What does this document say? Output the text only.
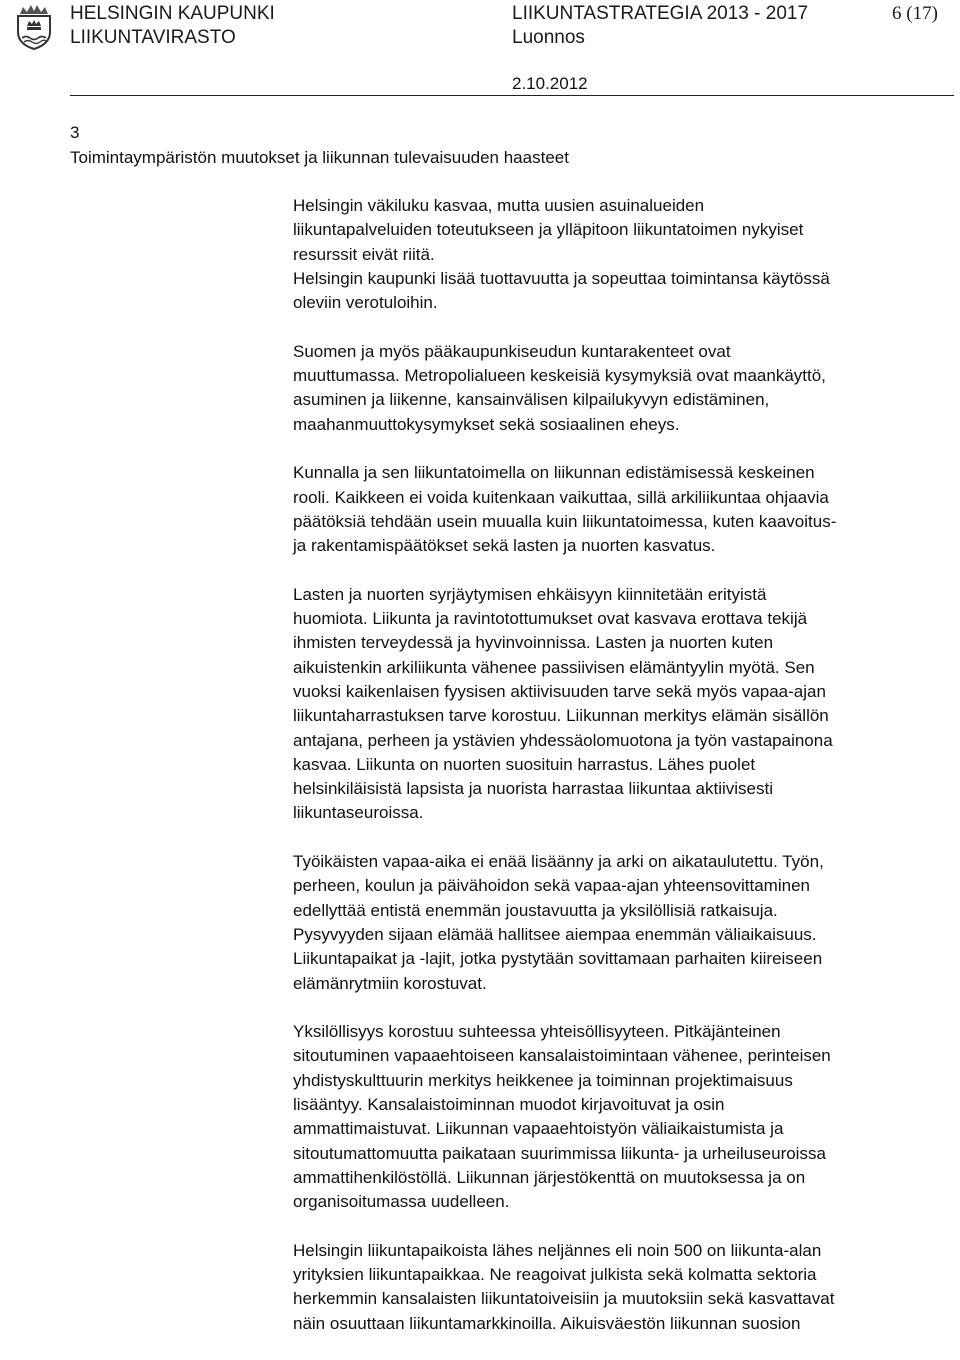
HELSINGIN KAUPUNKI
LIIKUNTAVIRASTO
LIIKUNTASTRATEGIA 2013 - 2017
Luonnos
6 (17)
2.10.2012
3
Toimintaympäristön muutokset ja liikunnan tulevaisuuden haasteet

Helsingin väkiluku kasvaa, mutta uusien asuinalueiden
liikuntapalveluiden toteutukseen ja ylläpitoon liikuntatoimen nykyiset
resurssit eivät riitä.
Helsingin kaupunki lisää tuottavuutta ja sopeuttaa toimintansa käytössä
oleviin verotuloihin.

Suomen ja myös pääkaupunkiseudun kuntarakenteet ovat
muuttumassa. Metropolialueen keskeisiä kysymyksiä ovat maankäyttö,
asuminen ja liikenne, kansainvälisen kilpailukyvyn edistäminen,
maahanmuuttokysymykset sekä sosiaalinen eheys.

Kunnalla ja sen liikuntatoimella on liikunnan edistämisessä keskeinen
rooli. Kaikkeen ei voida kuitenkaan vaikuttaa, sillä arkiliikuntaa ohjaavia
päätöksiä tehdään usein muualla kuin liikuntatoimessa, kuten kaavoitus-
ja rakentamispäätökset sekä lasten ja nuorten kasvatus.

Lasten ja nuorten syrjäytymisen ehkäisyyn kiinnitetään erityistä
huomiota. Liikunta ja ravintotottumukset ovat kasvava erottava tekijä
ihmisten terveydessä ja hyvinvoinnissa. Lasten ja nuorten kuten
aikuistenkin arkiliikunta vähenee passiivisen elämäntyylin myötä. Sen
vuoksi kaikenlaisen fyysisen aktiivisuuden tarve sekä myös vapaa-ajan
liikuntaharrastuksen tarve korostuu. Liikunnan merkitys elämän sisällön
antajana, perheen ja ystävien yhdessäolomuotona ja työn vastapainona
kasvaa. Liikunta on nuorten suosituin harrastus. Lähes puolet
helsinkiläisistä lapsista ja nuorista harrastaa liikuntaa aktiivisesti
liikuntaseuroissa.

Työikäisten vapaa-aika ei enää lisäänny ja arki on aikataulutettu. Työn,
perheen, koulun ja päivähoidon sekä vapaa-ajan yhteensovittaminen
edellyttää entistä enemmän joustavuutta ja yksilöllisiä ratkaisuja.
Pysyvyyden sijaan elämää hallitsee aiempaa enemmän väliaikaisuus.
Liikuntapaikat ja -lajit, jotka pystytään sovittamaan parhaiten kiireiseen
elämänrytmiin korostuvat.

Yksilöllisyys korostuu suhteessa yhteisöllisyyteen. Pitkäjänteinen
sitoutuminen vapaaehtoiseen kansalaistoimintaan vähenee, perinteisen
yhdistyskulttuurin merkitys heikkenee ja toiminnan projektimaisuus
lisääntyy. Kansalaistoiminnan muodot kirjavoituvat ja osin
ammattimaistuvat. Liikunnan vapaaehtoistyön väliaikaistumista ja
sitoutumattomuutta paikataan suurimmissa liikunta- ja urheiluseuroissa
ammattihenkilöstöllä. Liikunnan järjestökenttä on muutoksessa ja on
organisoitumassa uudelleen.

Helsingin liikuntapaikoista lähes neljännes eli noin 500 on liikunta-alan
yrityksien liikuntapaikkaa. Ne reagoivat julkista sekä kolmatta sektoria
herkemmin kansalaisten liikuntatoiveisiin ja muutoksiin sekä kasvattavat
näin osuuttaan liikuntamarkkinoilla. Aikuisväestön liikunnan suosion
